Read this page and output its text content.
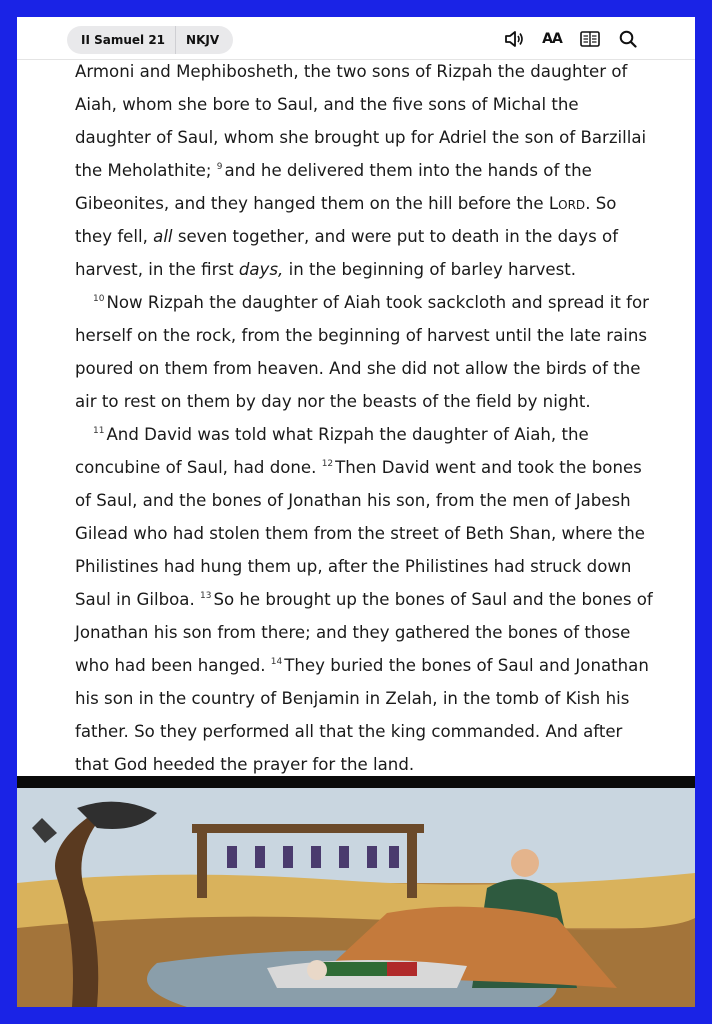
II Samuel 21	NKJV	AA

Armoni and Mephibosheth, the two sons of Rizpah the daughter of Aiah, whom she bore to Saul, and the five sons of Michal the daughter of Saul, whom she brought up for Adriel the son of Barzillai the Meholathite; $^9$ and he delivered them into the hands of the Gibeonites, and they hanged them on the hill before the Lord. So they fell, all seven together, and were put to death in the days of harvest, in the first days, in the beginning of barley harvest.

$^{10}$ Now Rizpah the daughter of Aiah took sackcloth and spread it for herself on the rock, from the beginning of harvest until the late rains poured on them from heaven. And she did not allow the birds of the air to rest on them by day nor the beasts of the field by night.

$^{11}$ And David was told what Rizpah the daughter of Aiah, the concubine of Saul, had done. $^{12}$ Then David went and took the bones of Saul, and the bones of Jonathan his son, from the men of Jabesh Gilead who had stolen them from the street of Beth Shan, where the Philistines had hung them up, after the Philistines had struck down Saul in Gilboa. $^{13}$ So he brought up the bones of Saul and the bones of Jonathan his son from there; and they gathered the bones of those who had been hanged. $^{14}$ They buried the bones of Saul and Jonathan his son in the country of Benjamin in Zelah, in the tomb of Kish his father. So they performed all that the king commanded. And after that God heeded the prayer for the land.
